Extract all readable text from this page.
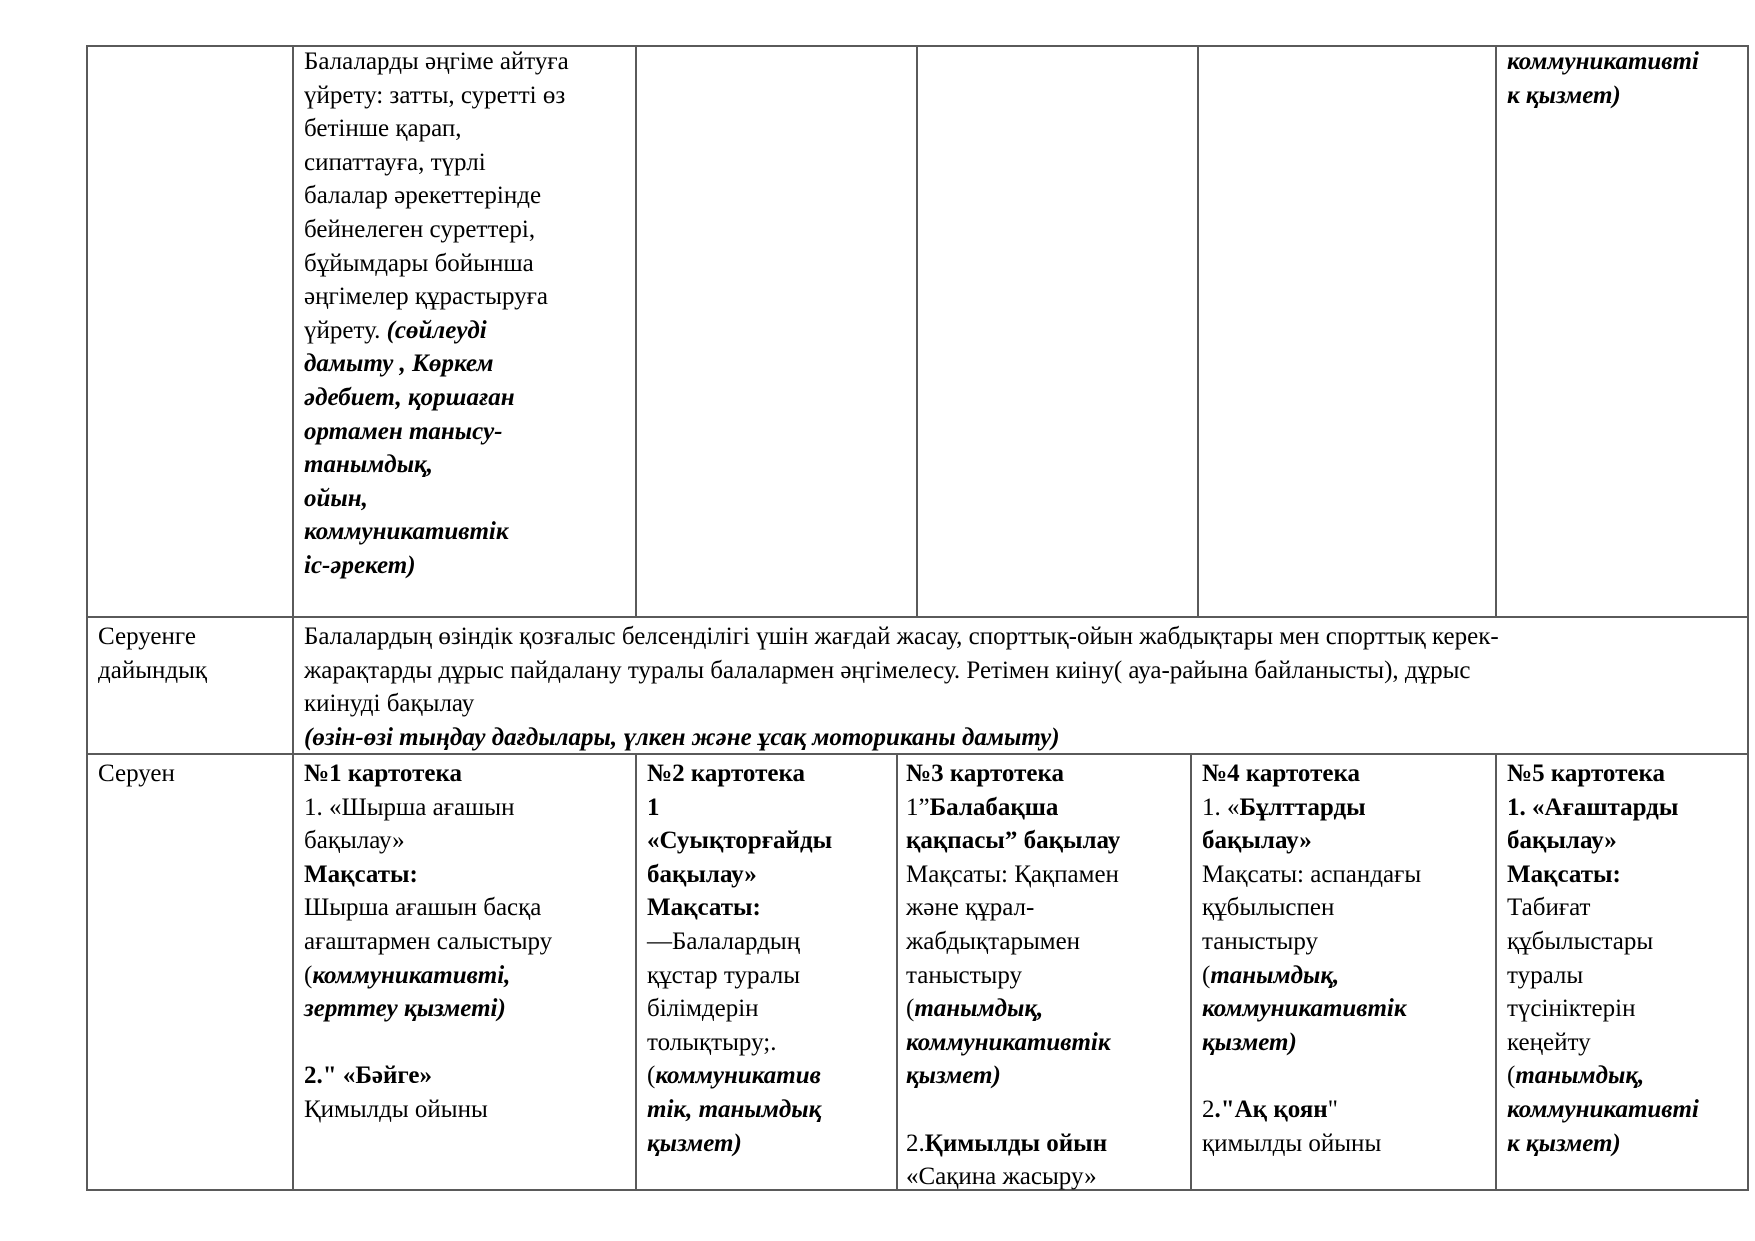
Балаларды әңгіме айтуға
үйрету: затты, суретті өз
бетінше қарап,
сипаттауға, түрлі
балалар әрекеттерінде
бейнелеген суреттері,
бұйымдары бойынша
әңгімелер құрастыруға
үйрету. (сөйлеуді
дамыту , Көркем
әдебиет, қоршаған
ортамен танысу-
танымдық,
ойын,
коммуникативтік
іс-әрекет)
коммуникативті
к қызмет)
Серуенге
дайындық
Балалардың өзіндік қозғалыс белсенділігі үшін жағдай жасау, спорттық-ойын жабдықтары мен спорттық керек-
жарақтарды дұрыс пайдалану туралы балалармен әңгімелесу. Ретімен киіну( ауа-райына байланысты), дұрыс
киінуді бақылау
(өзін-өзі тыңдау дағдылары, үлкен және ұсақ моториканы дамыту)
Серуен	№1 картотека
1. «Шырша ағашын
бақылау»
Мақсаты:
Шырша ағашын басқа
ағаштармен салыстыру
(коммуникативті,
зерттеу қызметі)

2." «Бәйге»
Қимылды ойыны
№2 картотека
1
«Суықторғайды
бақылау»
Мақсаты:
—Балалардың
құстар туралы
білімдерін
толықтыру;.
(коммуникатив
тік, танымдық
қызмет)
№3 картотека
1”Балабақша
қақпасы” бақылау
Мақсаты: Қақпамен
және құрал-
жабдықтарымен
таныстыру
(танымдық,
коммуникативтік
қызмет)

2.Қимылды ойын
«Сақина жасыру»
№4 картотека
1. «Бұлттарды
бақылау»
Мақсаты: аспандағы
құбылыспен
таныстыру
(танымдық,
коммуникативтік
қызмет)

2."Ақ қоян"
қимылды ойыны
№5 картотека
1. «Ағаштарды
бақылау»
Мақсаты:
Табиғат
құбылыстары
туралы
түсініктерін
кеңейту
(танымдық,
коммуникативті
к қызмет)
